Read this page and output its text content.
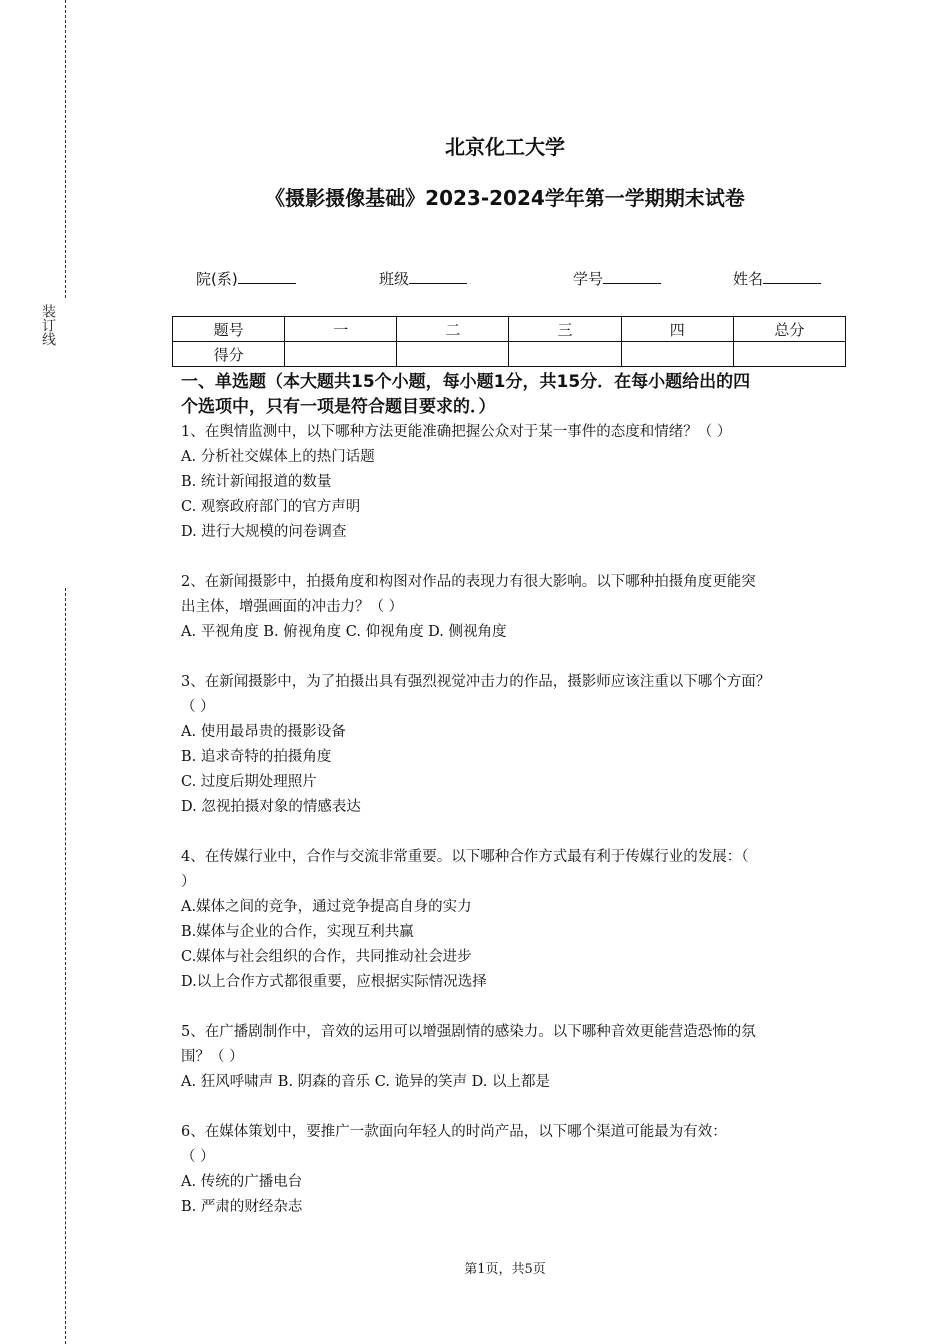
装订线
北京化工大学
《摄影摄像基础》2023-2024学年第一学期期末试卷
院(系)	班级	学号	姓名
题号	一	二	三	四	总分
得分					
一、单选题（本大题共15个小题，每小题1分，共15分．在每小题给出的四
个选项中，只有一项是符合题目要求的．）
1、在舆情监测中，以下哪种方法更能准确把握公众对于某一事件的态度和情绪？（ ）
A. 分析社交媒体上的热门话题
B. 统计新闻报道的数量
C. 观察政府部门的官方声明
D. 进行大规模的问卷调查
2、在新闻摄影中，拍摄角度和构图对作品的表现力有很大影响。以下哪种拍摄角度更能突
出主体，增强画面的冲击力？（ ）
A. 平视角度 B. 俯视角度 C. 仰视角度 D. 侧视角度
3、在新闻摄影中，为了拍摄出具有强烈视觉冲击力的作品，摄影师应该注重以下哪个方面？
（ ）
A. 使用最昂贵的摄影设备
B. 追求奇特的拍摄角度
C. 过度后期处理照片
D. 忽视拍摄对象的情感表达
4、在传媒行业中，合作与交流非常重要。以下哪种合作方式最有利于传媒行业的发展：（
）
A.媒体之间的竞争，通过竞争提高自身的实力
B.媒体与企业的合作，实现互利共赢
C.媒体与社会组织的合作，共同推动社会进步
D.以上合作方式都很重要，应根据实际情况选择
5、在广播剧制作中，音效的运用可以增强剧情的感染力。以下哪种音效更能营造恐怖的氛
围？（ ）
A. 狂风呼啸声 B. 阴森的音乐 C. 诡异的笑声 D. 以上都是
6、在媒体策划中，要推广一款面向年轻人的时尚产品，以下哪个渠道可能最为有效：
（ ）
A. 传统的广播电台
B. 严肃的财经杂志
第1页，共5页
